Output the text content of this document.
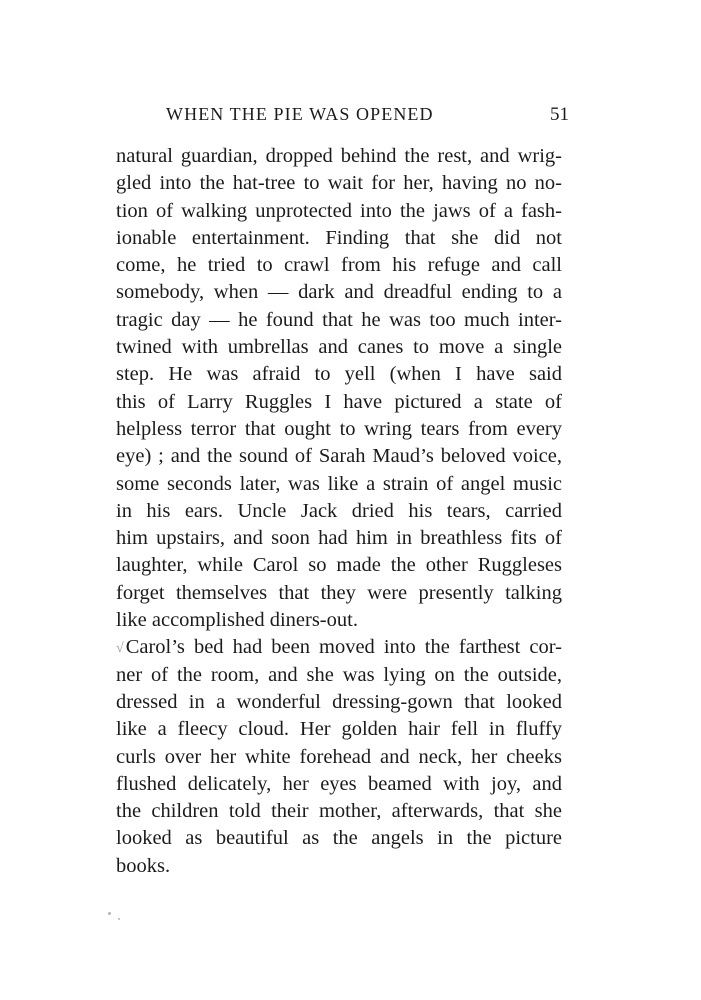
WHEN THE PIE WAS OPENED	51
natural guardian, dropped behind the rest, and wrig-
gled into the hat-tree to wait for her, having no no-
tion of walking unprotected into the jaws of a fash-
ionable entertainment. Finding that she did not
come, he tried to crawl from his refuge and call
somebody, when — dark and dreadful ending to a
tragic day — he found that he was too much inter-
twined with umbrellas and canes to move a single
step. He was afraid to yell (when I have said
this of Larry Ruggles I have pictured a state of
helpless terror that ought to wring tears from every
eye) ; and the sound of Sarah Maud’s beloved voice,
some seconds later, was like a strain of angel music
in his ears. Uncle Jack dried his tears, carried
him upstairs, and soon had him in breathless fits of
laughter, while Carol so made the other Ruggleses
forget themselves that they were presently talking
like accomplished diners-out.
√Carol’s bed had been moved into the farthest cor-
ner of the room, and she was lying on the outside,
dressed in a wonderful dressing-gown that looked
like a fleecy cloud. Her golden hair fell in fluffy
curls over her white forehead and neck, her cheeks
flushed delicately, her eyes beamed with joy, and
the children told their mother, afterwards, that she
looked as beautiful as the angels in the picture
books.
